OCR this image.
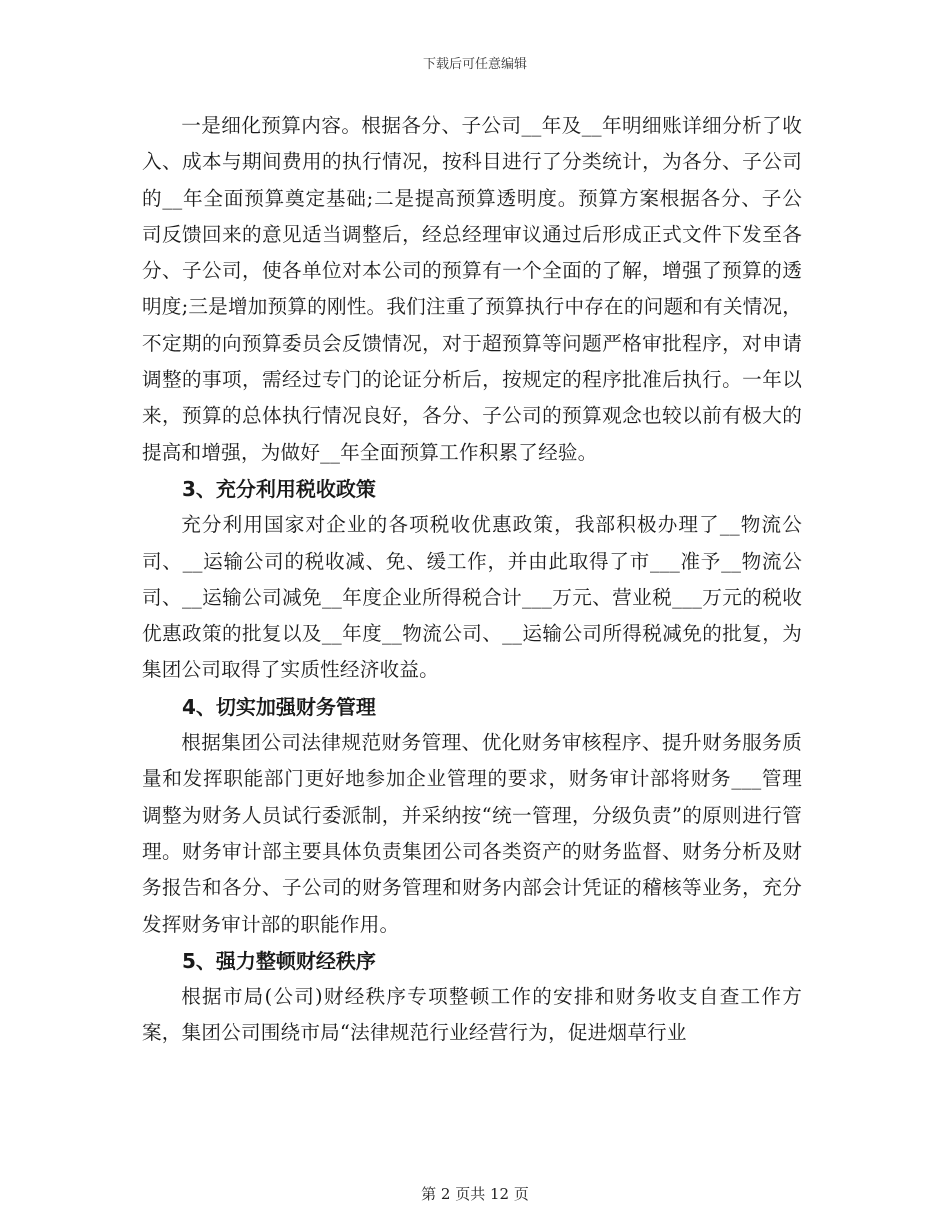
下载后可任意编辑

一是细化预算内容。根据各分、子公司__年及__年明细账详细分析了收入、成本与期间费用的执行情况，按科目进行了分类统计，为各分、子公司的__年全面预算奠定基础;二是提高预算透明度。预算方案根据各分、子公司反馈回来的意见适当调整后，经总经理审议通过后形成正式文件下发至各分、子公司，使各单位对本公司的预算有一个全面的了解，增强了预算的透明度;三是增加预算的刚性。我们注重了预算执行中存在的问题和有关情况，不定期的向预算委员会反馈情况，对于超预算等问题严格审批程序，对申请调整的事项，需经过专门的论证分析后，按规定的程序批准后执行。一年以来，预算的总体执行情况良好，各分、子公司的预算观念也较以前有极大的提高和增强，为做好__年全面预算工作积累了经验。

3、充分利用税收政策

充分利用国家对企业的各项税收优惠政策，我部积极办理了__物流公司、__运输公司的税收减、免、缓工作，并由此取得了市___准予__物流公司、__运输公司减免__年度企业所得税合计___万元、营业税___万元的税收优惠政策的批复以及__年度__物流公司、__运输公司所得税减免的批复，为集团公司取得了实质性经济收益。

4、切实加强财务管理

根据集团公司法律规范财务管理、优化财务审核程序、提升财务服务质量和发挥职能部门更好地参加企业管理的要求，财务审计部将财务___管理调整为财务人员试行委派制，并采纳按“统一管理，分级负责”的原则进行管理。财务审计部主要具体负责集团公司各类资产的财务监督、财务分析及财务报告和各分、子公司的财务管理和财务内部会计凭证的稽核等业务，充分发挥财务审计部的职能作用。

5、强力整顿财经秩序

根据市局(公司)财经秩序专项整顿工作的安排和财务收支自查工作方案，集团公司围绕市局“法律规范行业经营行为，促进烟草行业

第 2 页共 12 页
